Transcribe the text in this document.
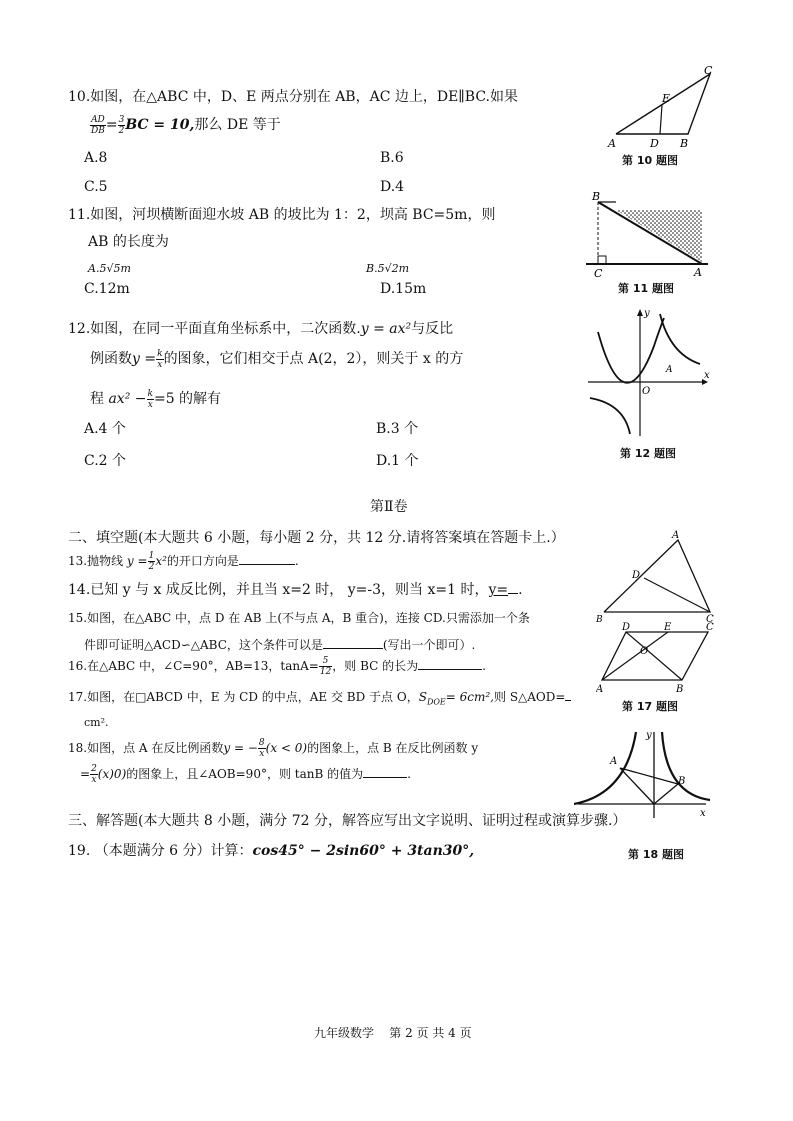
10.如图，在△ABC 中，D、E 两点分别在 AB，AC 边上，DE∥BC.如果
$\frac{AD}{DB} = \frac{3}{2}$ BC = 10,那么 DE 等于
A.8	B.6
C.5	D.4
A	D B
C
E
第 10 题图
11.如图，河坝横断面迎水坡 AB 的坡比为 1：2，坝高 BC=5m，则
AB 的长度为
A.5√5m	B.5√2m
C.12m	D.15m
B
C	A
第 11 题图
12.如图，在同一平面直角坐标系中，二次函数.y = ax²与反比
例函数$y = \frac{k}{x}$ 的图象，它们相交于点 A(2，2），则关于 x 的方
程 $ax^2 - \frac{k}{x} =5$ 的解有
A.4 个	B.3 个
C.2 个	D.1 个
y
x
O
A
第 12 题图
第Ⅱ卷
二、填空题(本大题共 6 小题，每小题 2 分，共 12 分.请将答案填在答题卡上.）
13.抛物线 $y = \frac{1}{2} x^2$的开口方向是	.
14.已知 y 与 x 成反比例，并且当 x=2 时， y=-3，则当 x=1 时，y= .
A
D
B	C
15.如图，在△ABC 中，点 D 在 AB 上(不与点 A，B 重合)，连接 CD.只需添加一个条
件即可证明△ACD∽△ABC，这个条件可以是	(写出一个即可）.
16.在△ABC 中，∠C=90°，AB=13，$\tan A= \frac{5}{12}$ ，则 BC 的长为	.
17.如图，在□ABCD 中，E 为 CD 的中点，AE 交 BD 于点 O，$S_{DOE}= 6cm^2$,则 S△AOD=
cm².
D	E	C
O
A	B
第 17 题图
18.如图，点 A 在反比例函数y = − $\frac{8}{x} (x < 0)$的图象上，点 B 在反比例函数 y
= $\frac{2}{x} (x)0$)的图象上，且∠AOB=90°，则 tanB 的值为	.
y
x
A
B
三、解答题(本大题共 8 小题，满分 72 分，解答应写出文字说明、证明过程或演算步骤.）
19. （本题满分 6 分）计算：cos45° − 2sin60° + 3tan30°,	第 18 题图
九年级数学    第 2 页 共 4 页
